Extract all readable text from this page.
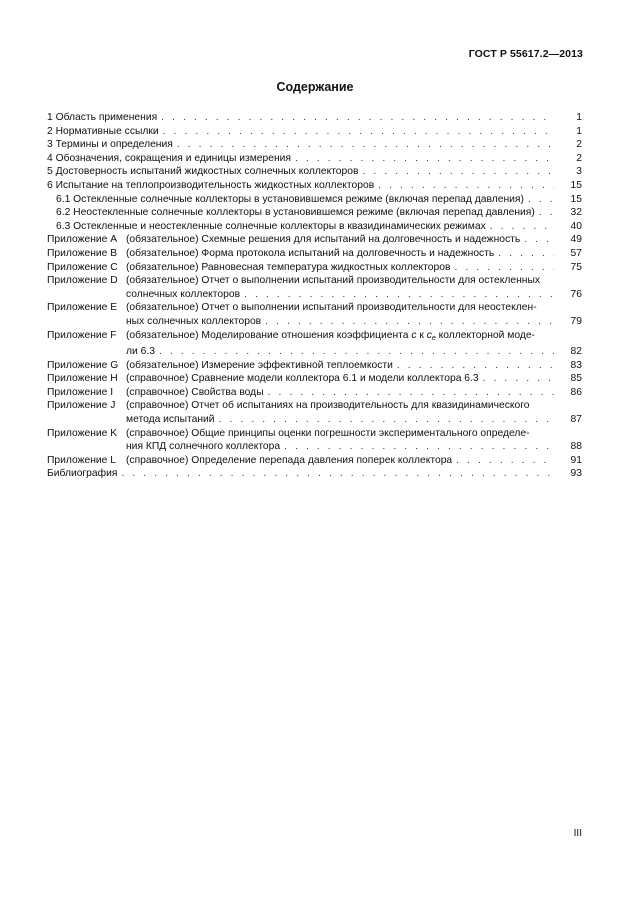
ГОСТ Р 55617.2—2013
Содержание
1 Область применения . . .	1
2 Нормативные ссылки . . .	1
3 Термины и определения . . .	2
4 Обозначения, сокращения и единицы измерения . . .	2
5 Достоверность испытаний жидкостных солнечных коллекторов . . .	3
6 Испытание на теплопроизводительность жидкостных коллекторов . . .	15
6.1 Остекленные солнечные коллекторы в установившемся режиме (включая перепад давления) . . .	15
6.2 Неостекленные солнечные коллекторы в установившемся режиме (включая перепад давления) . . .	32
6.3 Остекленные и неостекленные солнечные коллекторы в квазидинамических режимах . . .	40
Приложение A (обязательное) Схемные решения для испытаний на долговечность и надежность . . .	49
Приложение B (обязательное) Форма протокола испытаний на долговечность и надежность . . .	57
Приложение C (обязательное) Равновесная температура жидкостных коллекторов . . .	75
Приложение D (обязательное) Отчет о выполнении испытаний производительности для остекленных
солнечных коллекторов . . .	76
Приложение E (обязательное) Отчет о выполнении испытаний производительности для неостеклен-
ных солнечных коллекторов . . .	79
Приложение F (обязательное) Моделирование отношения коэффициента c к $c_e$ коллекторной моде-
ли 6.3 . . .	82
Приложение G (обязательное) Измерение эффективной теплоемкости . . .	83
Приложение H (справочное) Сравнение модели коллектора 6.1 и модели коллектора 6.3 . . .	85
Приложение I	(справочное) Свойства воды . . .	86
Приложение J	(справочное) Отчет об испытаниях на производительность для квазидинамического
метода испытаний . . .	87
Приложение K (справочное) Общие принципы оценки погрешности экспериментального определе-
ния КПД солнечного коллектора . . .	88
Приложение L (справочное) Определение перепада давления поперек коллектора . . .	91
Библиография . . .	93
III
